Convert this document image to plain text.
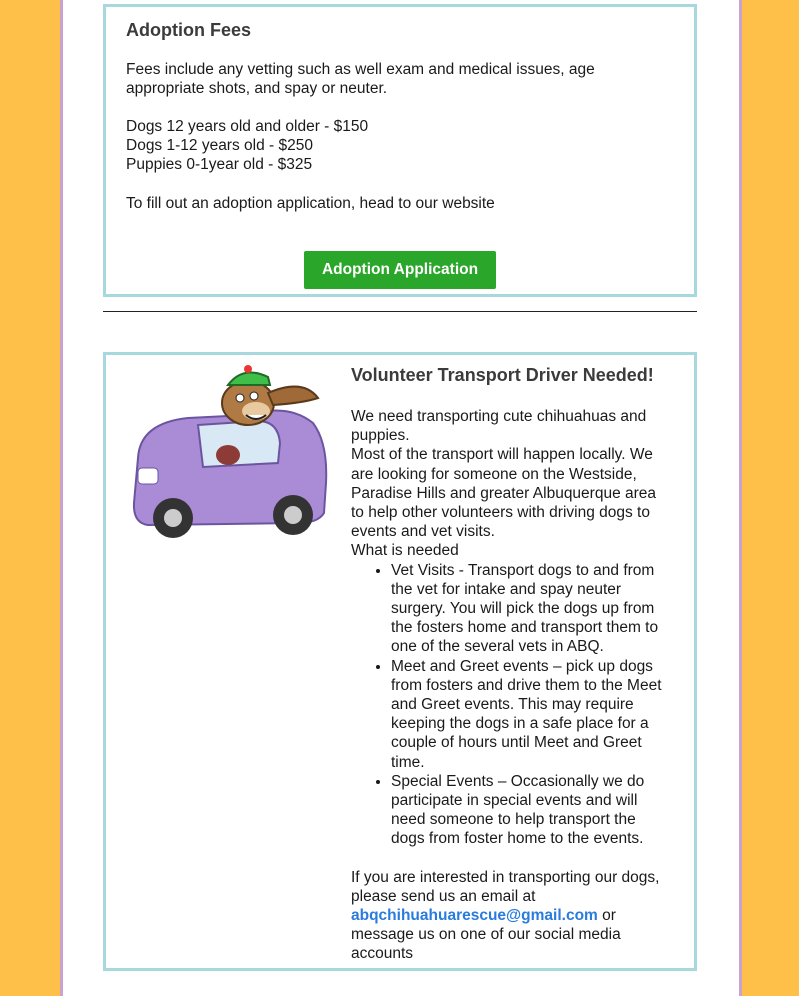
Adoption Fees
Fees include any vetting such as well exam and medical issues, age
appropriate shots, and spay or neuter.
Dogs 12 years old and older - $150
Dogs 1-12 years old - $250
Puppies 0-1year old - $325
To fill out an adoption application, head to our website
Adoption Application
Volunteer Transport Driver Needed!
We need transporting cute chihuahuas and puppies.
Most of the transport will happen locally. We are looking for someone on the Westside, Paradise Hills and greater Albuquerque area to help other volunteers with driving dogs to events and vet visits.
What is needed
• Vet Visits - Transport dogs to and from the vet for intake and spay neuter surgery. You will pick the dogs up from the fosters home and transport them to one of the several vets in ABQ.
• Meet and Greet events – pick up dogs from fosters and drive them to the Meet and Greet events. This may require keeping the dogs in a safe place for a couple of hours until Meet and Greet time.
• Special Events – Occasionally we do participate in special events and will need someone to help transport the dogs from foster home to the events.
If you are interested in transporting our dogs, please send us an email at abqchihuahuarescue@gmail.com or message us on one of our social media accounts
